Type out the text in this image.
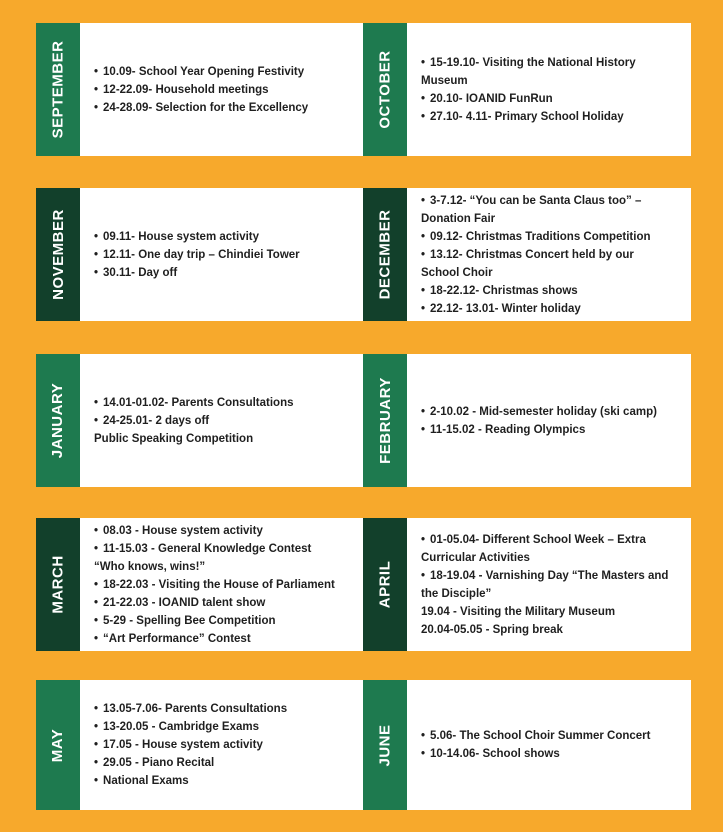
SEPTEMBER	• 10.09- School Year Opening Festivity
• 12-22.09- Household meetings
• 24-28.09- Selection for the Excellency	OCTOBER	• 15-19.10- Visiting the National History
Museum
• 20.10- IOANID FunRun
• 27.10- 4.11- Primary School Holiday
NOVEMBER	• 09.11- House system activity
• 12.11- One day trip – Chindiei Tower
• 30.11- Day off	DECEMBER
• 3-7.12- “You can be Santa Claus too” –
Donation Fair
• 09.12- Christmas Traditions Competition
• 13.12- Christmas Concert held by our
School Choir
• 18-22.12- Christmas shows
• 22.12- 13.01- Winter holiday
JANUARY	• 14.01-01.02- Parents Consultations
• 24-25.01- 2 days off
Public Speaking Competition	FEBRUARY	• 2-10.02 - Mid-semester holiday (ski camp)
• 11-15.02 - Reading Olympics
MARCH
• 08.03 - House system activity
• 11-15.03 - General Knowledge Contest
“Who knows, wins!”
• 18-22.03 - Visiting the House of Parliament
• 21-22.03 - IOANID talent show
• 5-29 - Spelling Bee Competition
• “Art Performance” Contest
APRIL
• 01-05.04- Different School Week – Extra
Curricular Activities
• 18-19.04 - Varnishing Day “The Masters and
the Disciple”
19.04 - Visiting the Military Museum
20.04-05.05 - Spring break
MAY
• 13.05-7.06- Parents Consultations
• 13-20.05 - Cambridge Exams
• 17.05 - House system activity
• 29.05 - Piano Recital
• National Exams
JUNE	• 5.06- The School Choir Summer Concert
• 10-14.06- School shows
